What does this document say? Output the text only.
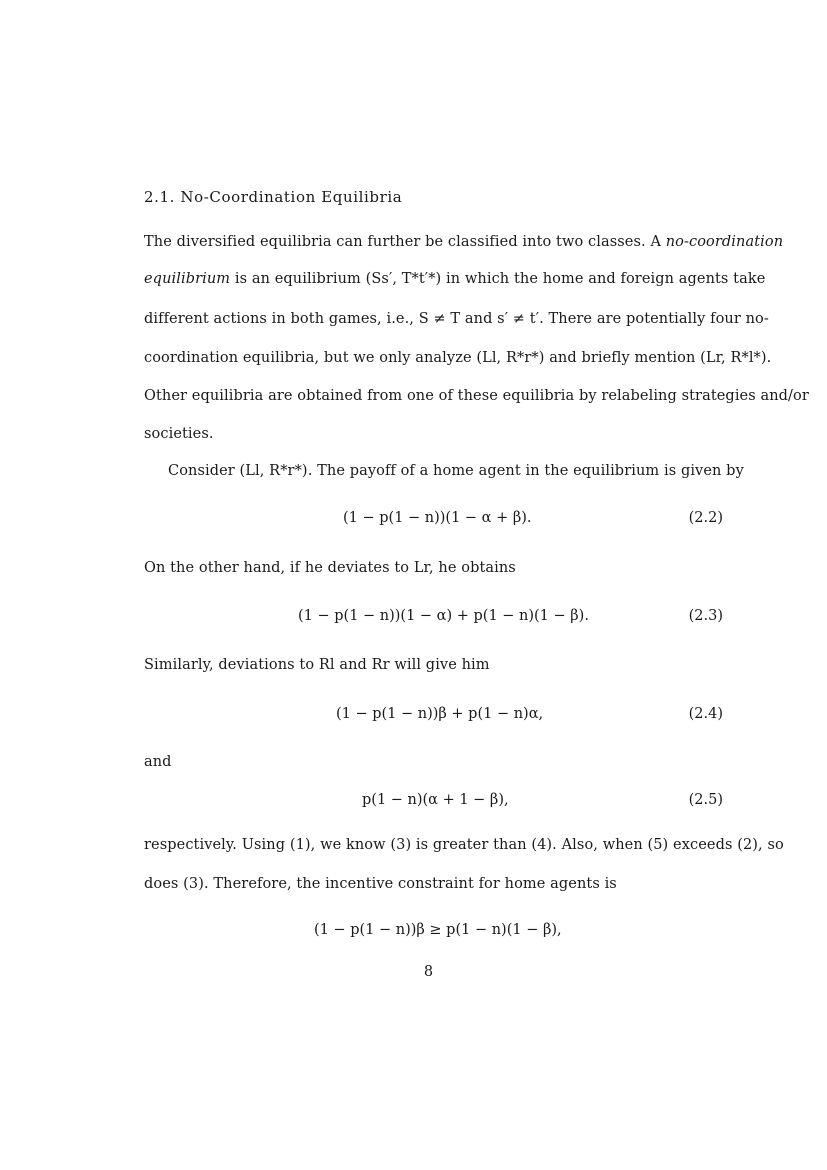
2.1. No-Coordination Equilibria
The diversified equilibria can further be classified into two classes. A no-coordination
equilibrium is an equilibrium (Ss′, T*t′*) in which the home and foreign agents take
different actions in both games, i.e., S ≠ T and s′ ≠ t′. There are potentially four no-
coordination equilibria, but we only analyze (Ll, R*r*) and briefly mention (Lr, R*l*).
Other equilibria are obtained from one of these equilibria by relabeling strategies and/or
societies.
Consider (Ll, R*r*). The payoff of a home agent in the equilibrium is given by
(1 − p(1 − n))(1 − α + β).	(2.2)
On the other hand, if he deviates to Lr, he obtains
(1 − p(1 − n))(1 − α) + p(1 − n)(1 − β).	(2.3)
Similarly, deviations to Rl and Rr will give him
(1 − p(1 − n))β + p(1 − n)α,	(2.4)
and
p(1 − n)(α + 1 − β),	(2.5)
respectively. Using (1), we know (3) is greater than (4). Also, when (5) exceeds (2), so
does (3). Therefore, the incentive constraint for home agents is
(1 − p(1 − n))β ≥ p(1 − n)(1 − β),
8
